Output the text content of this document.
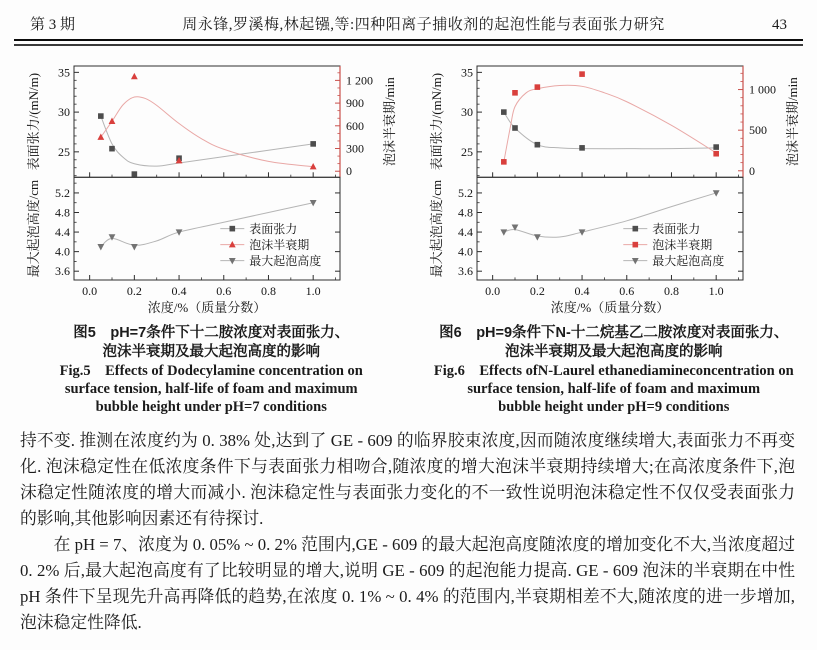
第 3 期	周永锋,罗溪梅,林起镪,等:四种阳离子捕收剂的起泡性能与表面张力研究	43
25
30
35
表面张力/(mN/m)
0
300
600
900
1 200 泡沫半衰期/min
3.6
4.0
4.4
4.8
5.2
最大起泡高度/cm
0.0 0.2 0.4 0.6 0.8 1.0
浓度/%（质量分数）
表面张力
泡沫半衰期
最大起泡高度
图5　pH=7条件下十二胺浓度对表面张力、
泡沫半衰期及最大起泡高度的影响
Fig.5　Effects of Dodecylamine concentration on
surface tension, half-life of foam and maximum
bubble height under pH=7 conditions
25
30
35
表面张力/(mN/m)
0
500
1 000 泡沫半衰期/min
3.6
4.0
4.4
4.8
5.2
最大起泡高度/cm
0.0 0.2 0.4 0.6 0.8 1.0
浓度/%（质量分数）
表面张力
泡沫半衰期
最大起泡高度
图6　pH=9条件下N-十二烷基乙二胺浓度对表面张力、
泡沫半衰期及最大起泡高度的影响
Fig.6　Effects ofN-Laurel ethanediamineconcentration on
surface tension, half-life of foam and maximum
bubble height under pH=9 conditions

持不变. 推测在浓度约为 0. 38% 处,达到了 GE - 609 的临界胶束浓度,因而随浓度继续增大,表面张力不再变化. 泡沫稳定性在低浓度条件下与表面张力相吻合,随浓度的增大泡沫半衰期持续增大;在高浓度条件下,泡沫稳定性随浓度的增大而减小. 泡沫稳定性与表面张力变化的不一致性说明泡沫稳定性不仅仅受表面张力的影响,其他影响因素还有待探讨.

在 pH = 7、浓度为 0. 05% ~ 0. 2% 范围内,GE - 609 的最大起泡高度随浓度的增加变化不大,当浓度超过 0. 2% 后,最大起泡高度有了比较明显的增大,说明 GE - 609 的起泡能力提高. GE - 609 泡沫的半衰期在中性 pH 条件下呈现先升高再降低的趋势,在浓度 0. 1% ~ 0. 4% 的范围内,半衰期相差不大,随浓度的进一步增加,泡沫稳定性降低.
